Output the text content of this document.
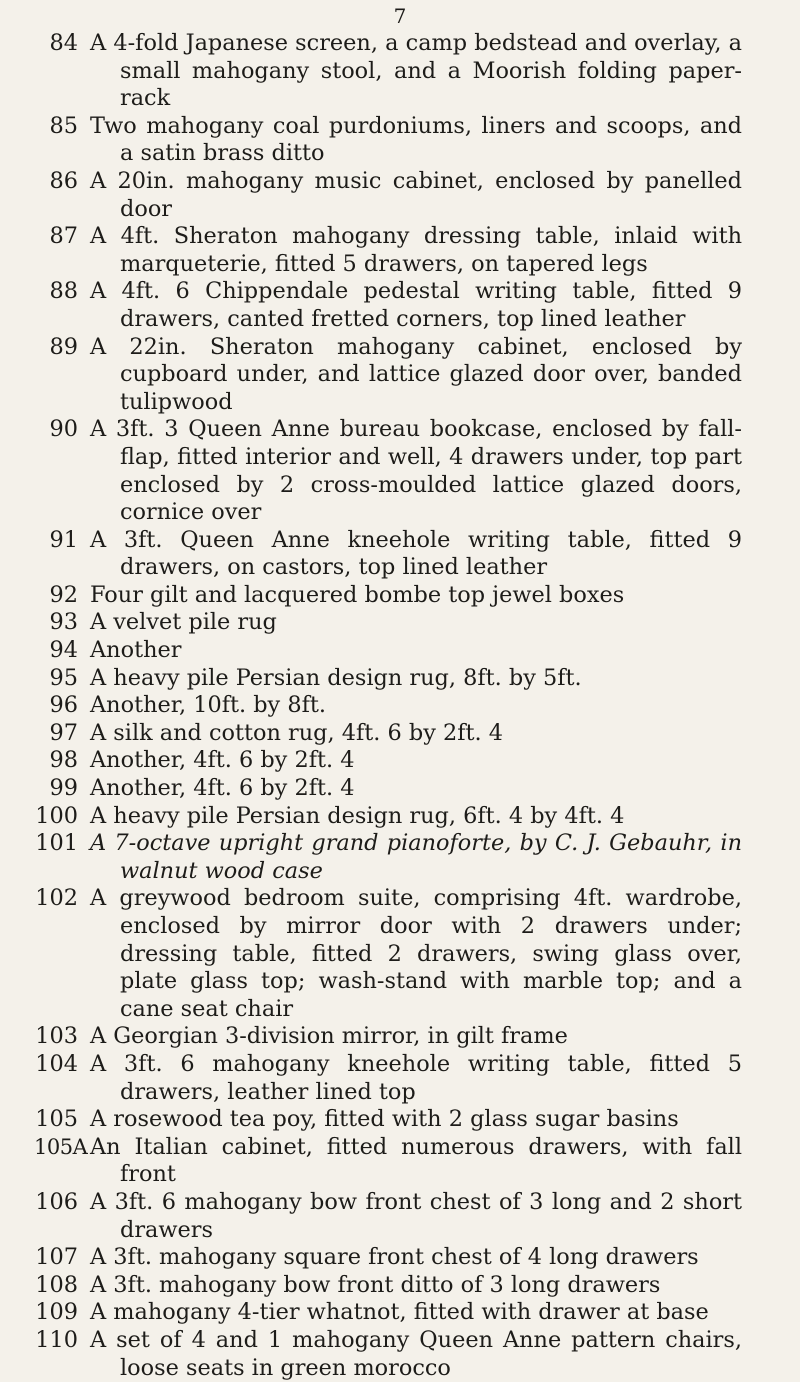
7
84 A 4-fold Japanese screen, a camp bedstead and overlay, a small mahogany stool, and a Moorish folding paper-rack
85 Two mahogany coal purdoniums, liners and scoops, and a satin brass ditto
86 A 20in. mahogany music cabinet, enclosed by panelled door
87 A 4ft. Sheraton mahogany dressing table, inlaid with marqueterie, fitted 5 drawers, on tapered legs
88 A 4ft. 6 Chippendale pedestal writing table, fitted 9 drawers, canted fretted corners, top lined leather
89 A 22in. Sheraton mahogany cabinet, enclosed by cupboard under, and lattice glazed door over, banded tulipwood
90 A 3ft. 3 Queen Anne bureau bookcase, enclosed by fall-flap, fitted interior and well, 4 drawers under, top part enclosed by 2 cross-moulded lattice glazed doors, cornice over
91 A 3ft. Queen Anne kneehole writing table, fitted 9 drawers, on castors, top lined leather
92 Four gilt and lacquered bombe top jewel boxes
93 A velvet pile rug
94 Another
95 A heavy pile Persian design rug, 8ft. by 5ft.
96 Another, 10ft. by 8ft.
97 A silk and cotton rug, 4ft. 6 by 2ft. 4
98 Another, 4ft. 6 by 2ft. 4
99 Another, 4ft. 6 by 2ft. 4
100 A heavy pile Persian design rug, 6ft. 4 by 4ft. 4
101 A 7-octave upright grand pianoforte, by C. J. Gebauhr, in walnut wood case
102 A greywood bedroom suite, comprising 4ft. wardrobe, enclosed by mirror door with 2 drawers under; dressing table, fitted 2 drawers, swing glass over, plate glass top; wash-stand with marble top; and a cane seat chair
103 A Georgian 3-division mirror, in gilt frame
104 A 3ft. 6 mahogany kneehole writing table, fitted 5 drawers, leather lined top
105 A rosewood tea poy, fitted with 2 glass sugar basins
105A An Italian cabinet, fitted numerous drawers, with fall front
106 A 3ft. 6 mahogany bow front chest of 3 long and 2 short drawers
107 A 3ft. mahogany square front chest of 4 long drawers
108 A 3ft. mahogany bow front ditto of 3 long drawers
109 A mahogany 4-tier whatnot, fitted with drawer at base
110 A set of 4 and 1 mahogany Queen Anne pattern chairs, loose seats in green morocco
